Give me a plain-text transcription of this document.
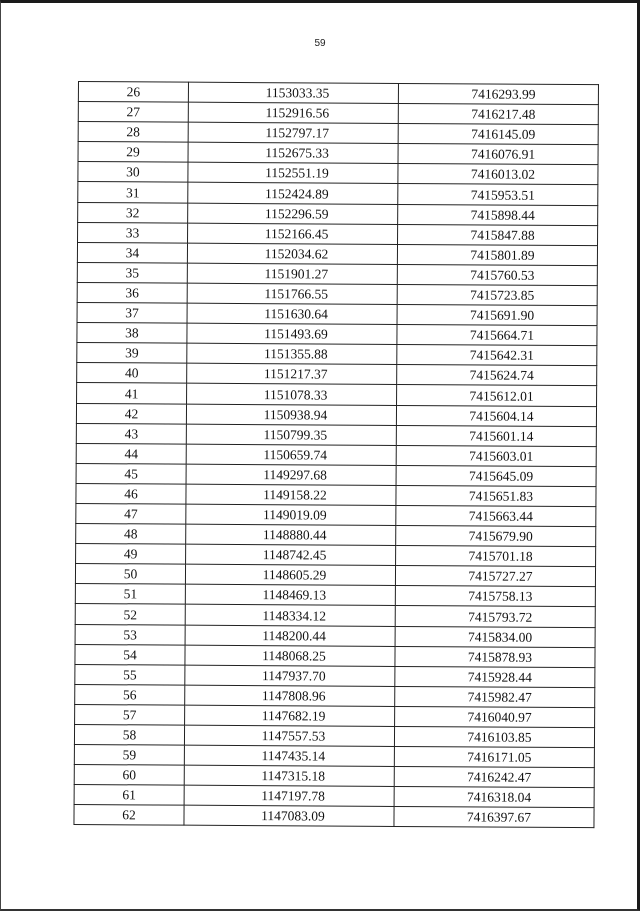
59
26	1153033.35	7416293.99
27	1152916.56	7416217.48
28	1152797.17	7416145.09
29	1152675.33	7416076.91
30	1152551.19	7416013.02
31	1152424.89	7415953.51
32	1152296.59	7415898.44
33	1152166.45	7415847.88
34	1152034.62	7415801.89
35	1151901.27	7415760.53
36	1151766.55	7415723.85
37	1151630.64	7415691.90
38	1151493.69	7415664.71
39	1151355.88	7415642.31
40	1151217.37	7415624.74
41	1151078.33	7415612.01
42	1150938.94	7415604.14
43	1150799.35	7415601.14
44	1150659.74	7415603.01
45	1149297.68	7415645.09
46	1149158.22	7415651.83
47	1149019.09	7415663.44
48	1148880.44	7415679.90
49	1148742.45	7415701.18
50	1148605.29	7415727.27
51	1148469.13	7415758.13
52	1148334.12	7415793.72
53	1148200.44	7415834.00
54	1148068.25	7415878.93
55	1147937.70	7415928.44
56	1147808.96	7415982.47
57	1147682.19	7416040.97
58	1147557.53	7416103.85
59	1147435.14	7416171.05
60	1147315.18	7416242.47
61	1147197.78	7416318.04
62	1147083.09	7416397.67
